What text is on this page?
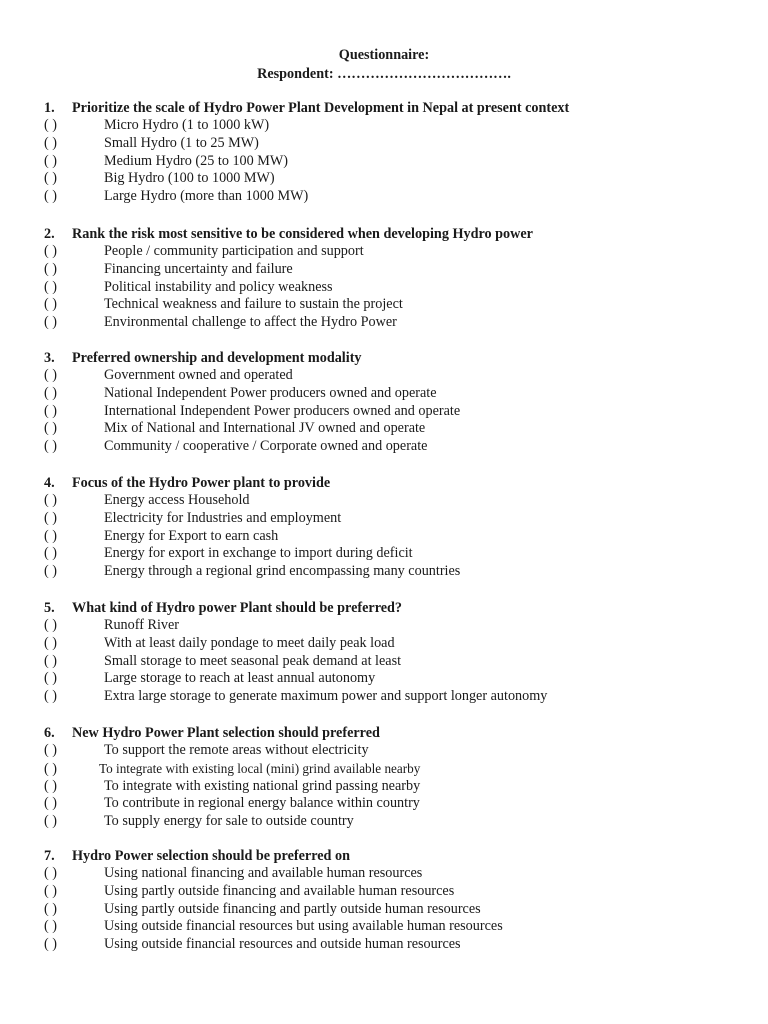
Questionnaire:
Respondent: ……………………………….
1. Prioritize the scale of Hydro Power Plant Development in Nepal at present context
( )	Micro Hydro (1 to 1000 kW)
( )	Small Hydro (1 to 25 MW)
( )	Medium Hydro (25 to 100 MW)
( )	Big Hydro (100 to 1000 MW)
( )	Large Hydro (more than 1000 MW)
2. Rank the risk most sensitive to be considered when developing Hydro power
( )	People / community participation and support
( )	Financing uncertainty and failure
( )	Political instability and policy weakness
( )	Technical weakness and failure to sustain the project
( )	Environmental challenge to affect the Hydro Power
3. Preferred ownership and development modality
( )	Government owned and operated
( )	National Independent Power producers owned and operate
( )	International Independent Power producers owned and operate
( )	Mix of National and International JV owned and operate
( )	Community / cooperative / Corporate owned and operate
4. Focus of the Hydro Power plant to provide
( )	Energy access Household
( )	Electricity for Industries and employment
( )	Energy for Export to earn cash
( )	Energy for export in exchange to import during deficit
( )	Energy through a regional grind encompassing many countries
5. What kind of Hydro power Plant should be preferred?
( )	Runoff River
( )	With at least daily pondage to meet daily peak load
( )	Small storage to meet seasonal peak demand at least
( )	Large storage to reach at least annual autonomy
( )	Extra large storage to generate maximum power and support longer autonomy
6. New Hydro Power Plant selection should preferred
( )	To support the remote areas without electricity
( )	To integrate with existing local (mini) grind available nearby
( )	To integrate with existing national grind passing nearby
( )	To contribute in regional energy balance within country
( )	To supply energy for sale to outside country
7. Hydro Power selection should be preferred on
( )	Using national financing and available human resources
( )	Using partly outside financing and available human resources
( )	Using partly outside financing and partly outside human resources
( )	Using outside financial resources but using available human resources
( )	Using outside financial resources and outside human resources
